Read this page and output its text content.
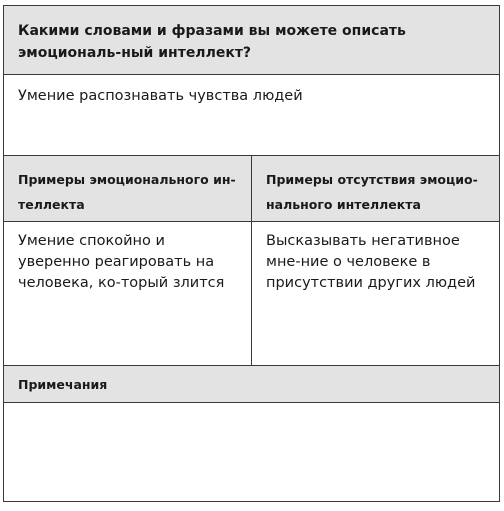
Какими словами и фразами вы можете описать эмоциональ-ный интеллект?
Умение распознавать чувства людей
Примеры эмоционального ин-теллекта
Примеры отсутствия эмоцио-нального интеллекта
Умение спокойно и уверенно реагировать на человека, ко-торый злится
Высказывать негативное мне-ние о человеке в присутствии других людей
Примечания
